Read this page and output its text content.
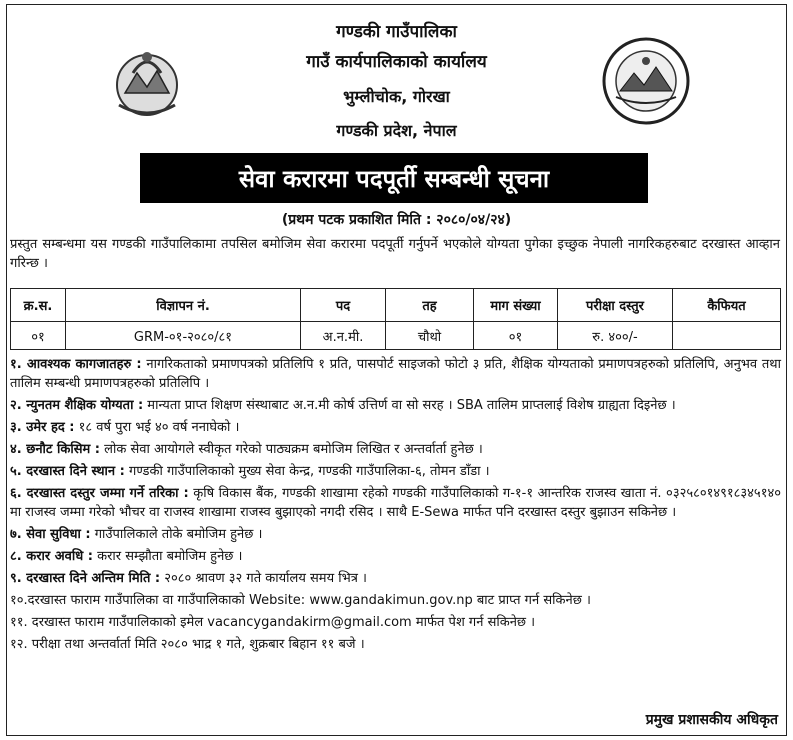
गण्डकी गाउँपालिका
गाउँ कार्यपालिकाको कार्यालय
भुम्लीचोक, गोरखा
गण्डकी प्रदेश, नेपाल
सेवा करारमा पदपूर्ती सम्बन्धी सूचना
(प्रथम पटक प्रकाशित मिति : २०८०/०४/२४)
प्रस्तुत सम्बन्धमा यस गण्डकी गाउँपालिकामा तपसिल बमोजिम सेवा करारमा पदपूर्ती गर्नुपर्ने भएकोले योग्यता पुगेका इच्छुक नेपाली नागरिकहरुबाट दरखास्त आव्हान गरिन्छ ।
क्र.स.	विज्ञापन नं.	पद	तह	माग संख्या	परीक्षा दस्तुर	कैफियत
०१	GRM-०१-२०८०/८१	अ.न.मी.	चौथो	०१	रु. ४००/-	
१. आवश्यक कागजातहरु : नागरिकताको प्रमाणपत्रको प्रतिलिपि १ प्रति, पासपोर्ट साइजको फोटो ३ प्रति, शैक्षिक योग्यताको प्रमाणपत्रहरुको प्रतिलिपि, अनुभव तथा तालिम सम्बन्धी प्रमाणपत्रहरुको प्रतिलिपि ।
२. न्युनतम शैक्षिक योग्यता : मान्यता प्राप्त शिक्षण संस्थाबाट अ.न.मी कोर्ष उत्तिर्ण वा सो सरह । SBA तालिम प्राप्तलाई विशेष ग्राह्यता दिइनेछ ।
३. उमेर हद : १८ वर्ष पुरा भई ४० वर्ष ननाघेको ।
४. छनौट किसिम : लोक सेवा आयोगले स्वीकृत गरेको पाठ्यक्रम बमोजिम लिखित र अन्तर्वार्ता हुनेछ ।
५. दरखास्त दिने स्थान : गण्डकी गाउँपालिकाको मुख्य सेवा केन्द्र, गण्डकी गाउँपालिका-६, तोमन डाँडा ।
६. दरखास्त दस्तुर जम्मा गर्ने तरिका : कृषि विकास बैंक, गण्डकी शाखामा रहेको गण्डकी गाउँपालिकाको ग-१-१ आन्तरिक राजस्व खाता नं. ०३२५८०१४९१८३४५१४० मा राजस्व जम्मा गरेको भौचर वा राजस्व शाखामा राजस्व बुझाएको नगदी रसिद । साथै E-Sewa मार्फत पनि दरखास्त दस्तुर बुझाउन सकिनेछ ।
७. सेवा सुविधा : गाउँपालिकाले तोके बमोजिम हुनेछ ।
८. करार अवधि : करार सम्झौता बमोजिम हुनेछ ।
९. दरखास्त दिने अन्तिम मिति : २०८० श्रावण ३२ गते कार्यालय समय भित्र ।
१०.दरखास्त फाराम गाउँपालिका वा गाउँपालिकाको Website: www.gandakimun.gov.np बाट प्राप्त गर्न सकिनेछ ।
११. दरखास्त फाराम गाउँपालिकाको इमेल vacancygandakirm@gmail.com मार्फत पेश गर्न सकिनेछ ।
१२. परीक्षा तथा अन्तर्वार्ता मिति २०८० भाद्र १ गते, शुक्रबार बिहान ११ बजे ।
प्रमुख प्रशासकीय अधिकृत
